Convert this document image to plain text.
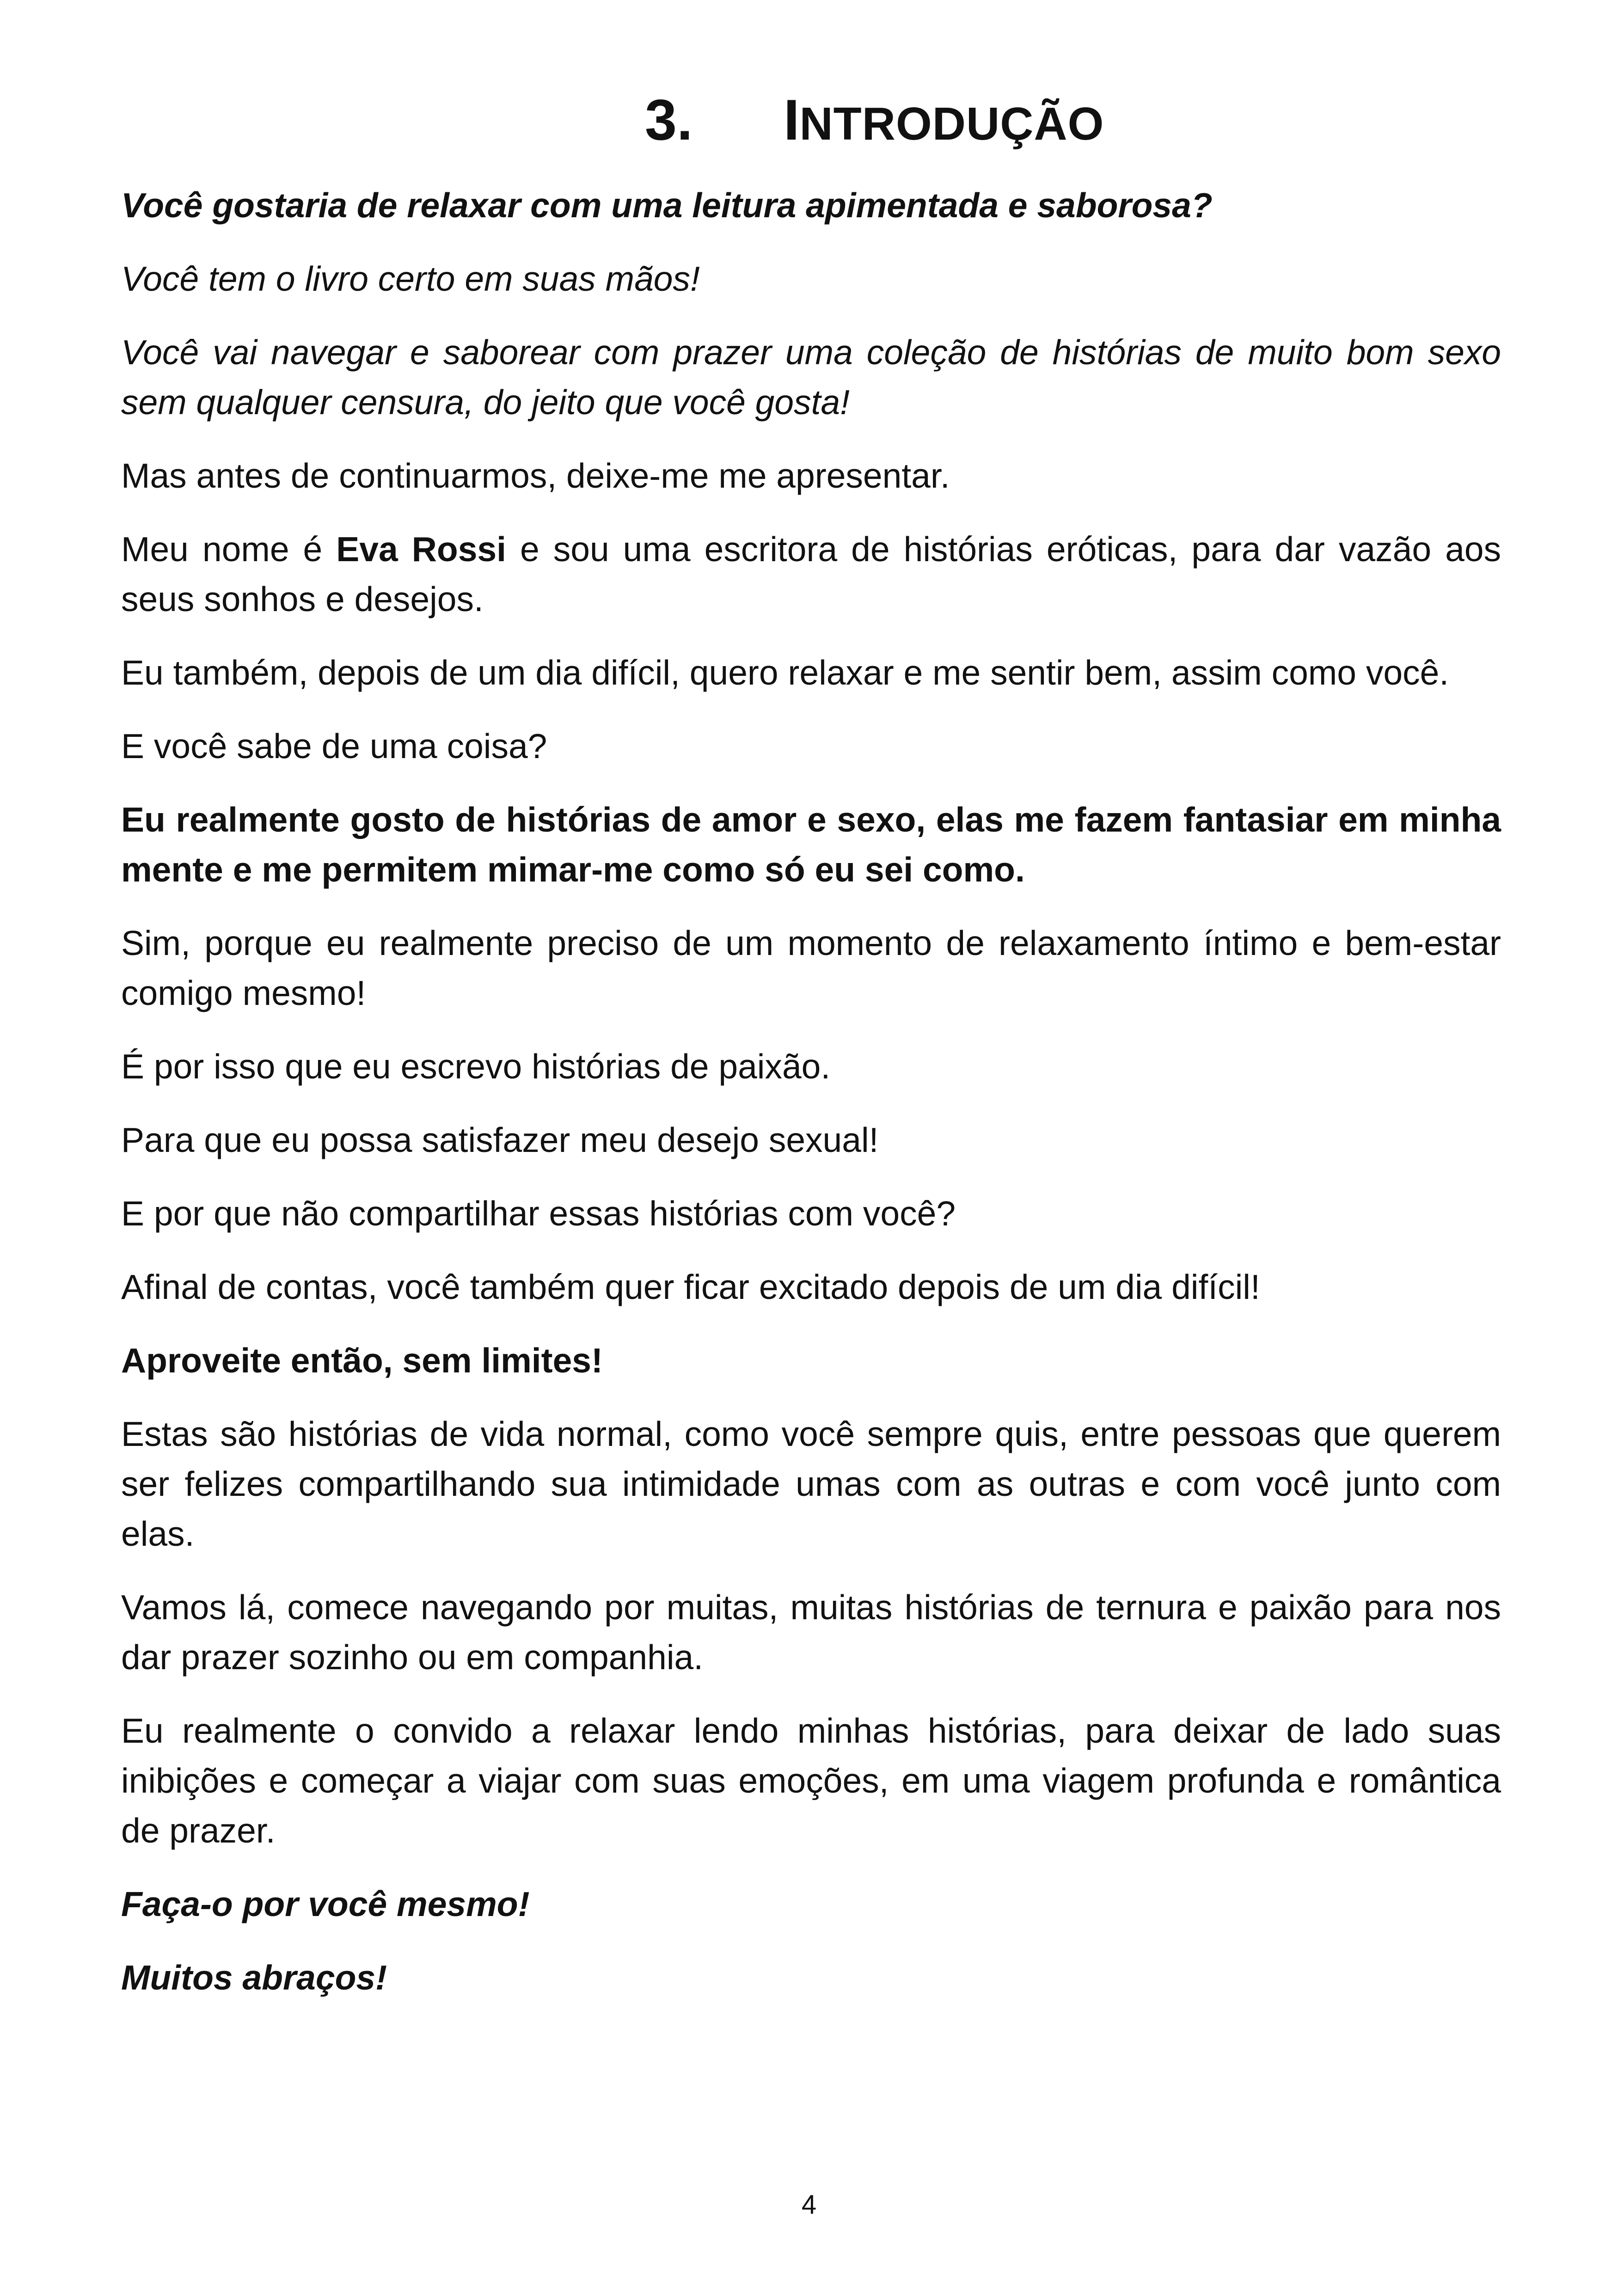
3. INTRODUÇÃO

Você gostaria de relaxar com uma leitura apimentada e saborosa?

Você tem o livro certo em suas mãos!

Você vai navegar e saborear com prazer uma coleção de histórias de muito bom sexo sem qualquer censura, do jeito que você gosta!

Mas antes de continuarmos, deixe-me me apresentar.

Meu nome é Eva Rossi e sou uma escritora de histórias eróticas, para dar vazão aos seus sonhos e desejos.

Eu também, depois de um dia difícil, quero relaxar e me sentir bem, assim como você.

E você sabe de uma coisa?

Eu realmente gosto de histórias de amor e sexo, elas me fazem fantasiar em minha mente e me permitem mimar-me como só eu sei como.

Sim, porque eu realmente preciso de um momento de relaxamento íntimo e bem-estar comigo mesmo!

É por isso que eu escrevo histórias de paixão.

Para que eu possa satisfazer meu desejo sexual!

E por que não compartilhar essas histórias com você?

Afinal de contas, você também quer ficar excitado depois de um dia difícil!

Aproveite então, sem limites!

Estas são histórias de vida normal, como você sempre quis, entre pessoas que querem ser felizes compartilhando sua intimidade umas com as outras e com você junto com elas.

Vamos lá, comece navegando por muitas, muitas histórias de ternura e paixão para nos dar prazer sozinho ou em companhia.

Eu realmente o convido a relaxar lendo minhas histórias, para deixar de lado suas inibições e começar a viajar com suas emoções, em uma viagem profunda e romântica de prazer.

Faça-o por você mesmo!

Muitos abraços!

4
